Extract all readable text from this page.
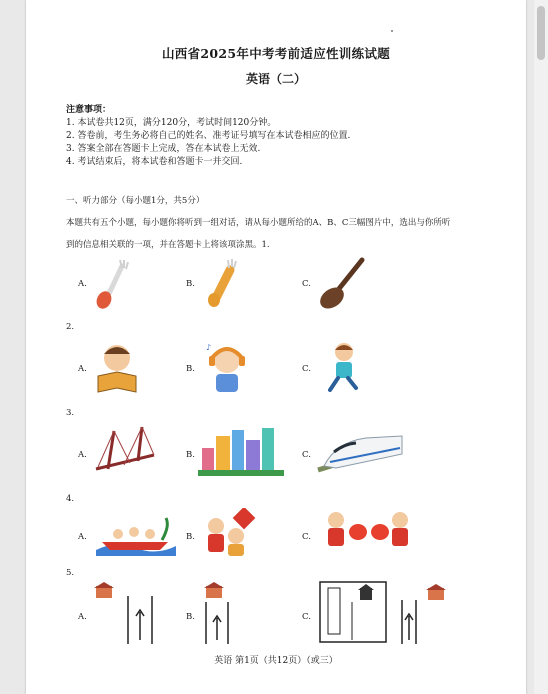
山西省2025年中考考前适应性训练试题
英语（二）
注意事项：
1. 本试卷共12页，满分120分，考试时间120分钟。
2. 答卷前，考生务必将自己的姓名、准考证号填写在本试卷相应的位置.
3. 答案全部在答题卡上完成，答在本试卷上无效.
4. 考试结束后，将本试卷和答题卡一并交回.
一、听力部分（每小题1分，共5分）
本题共有五个小题，每小题你将听到一组对话，请从每小题所给的A、B、C三幅图片中，选出与你所听
到的信息相关联的一项，并在答题卡上将该项涂黑。1.
A.	B.	C.
2.
A.	B.	C.
♪
3.
A.	B.	C.
4.
A.	B.	C.
5.
A.	B.	C.
英语 第1页（共12页）（或三）
